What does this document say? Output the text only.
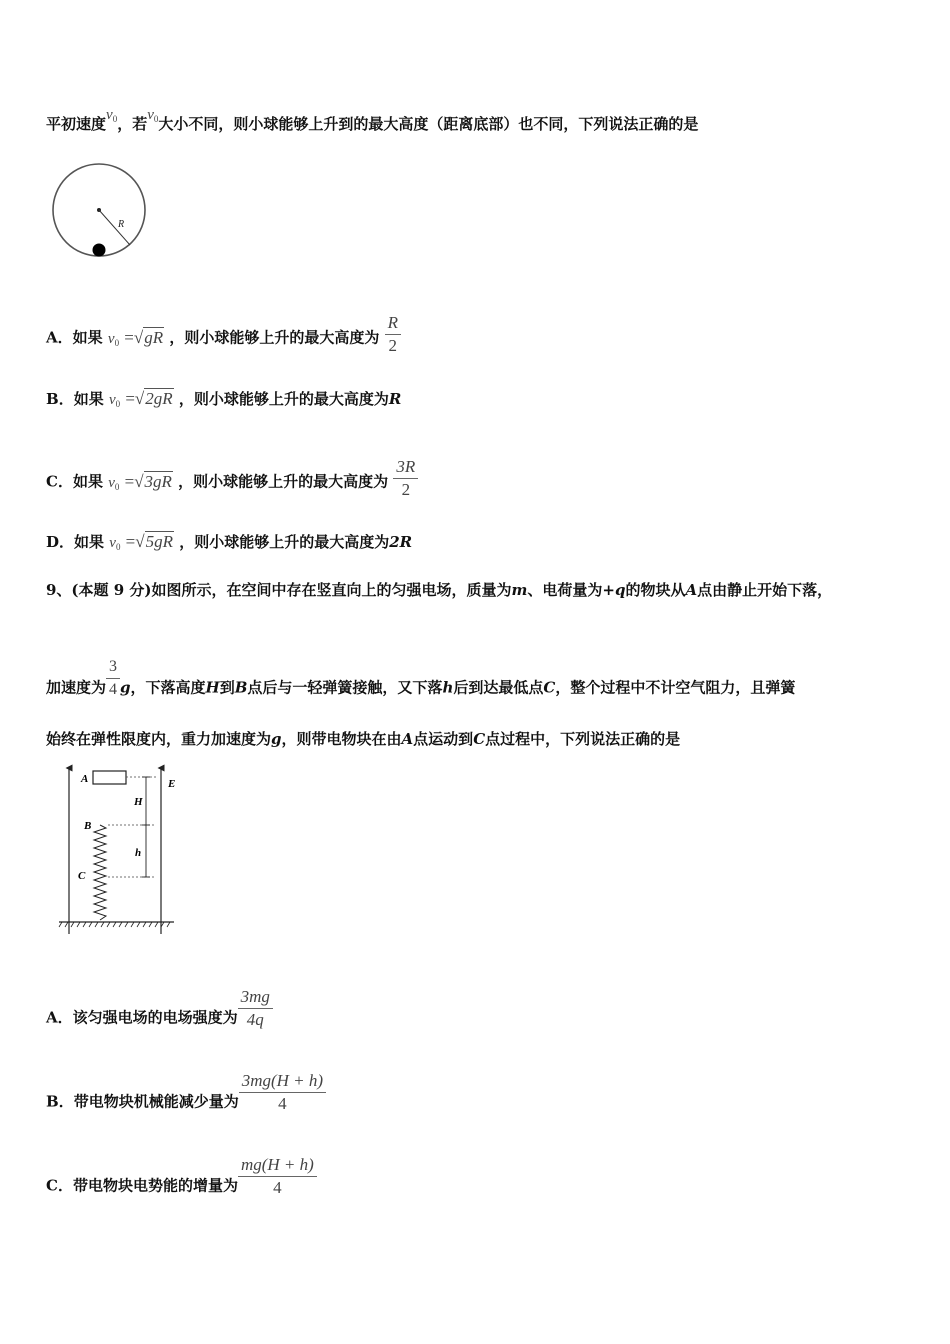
平初速度$v_0$，若$v_0$大小不同，则小球能够上升到的最大高度（距离底部）也不同，下列说法正确的是
R
A．如果 $v_0 =√gR$ ，则小球能够上升的最大高度为 $\frac{R}{2}$
B．如果 $v_0 =√2gR$ ，则小球能够上升的最大高度为R
C．如果 $v_0 =√3gR$ ，则小球能够上升的最大高度为 $\frac{3R}{2}$
D．如果 $v_0 =√5gR$ ，则小球能够上升的最大高度为2R
9、(本题 9 分)如图所示，在空间中存在竖直向上的匀强电场，质量为m、电荷量为+q的物块从A点由静止开始下落，
加速度为 $\frac{3}{4}$ g，下落高度H到B点后与一轻弹簧接触，又下落h后到达最低点C，整个过程中不计空气阻力，且弹簧
始终在弹性限度内，重力加速度为g，则带电物块在由A点运动到C点过程中，下列说法正确的是
E
A
H
h
B
C
A．该匀强电场的电场强度为 $\frac{3mg}{4q}$
B．带电物块机械能减少量为 $\frac{3mg(H + h)}{4}$
C．带电物块电势能的增量为 $\frac{mg(H + h)}{4}$
